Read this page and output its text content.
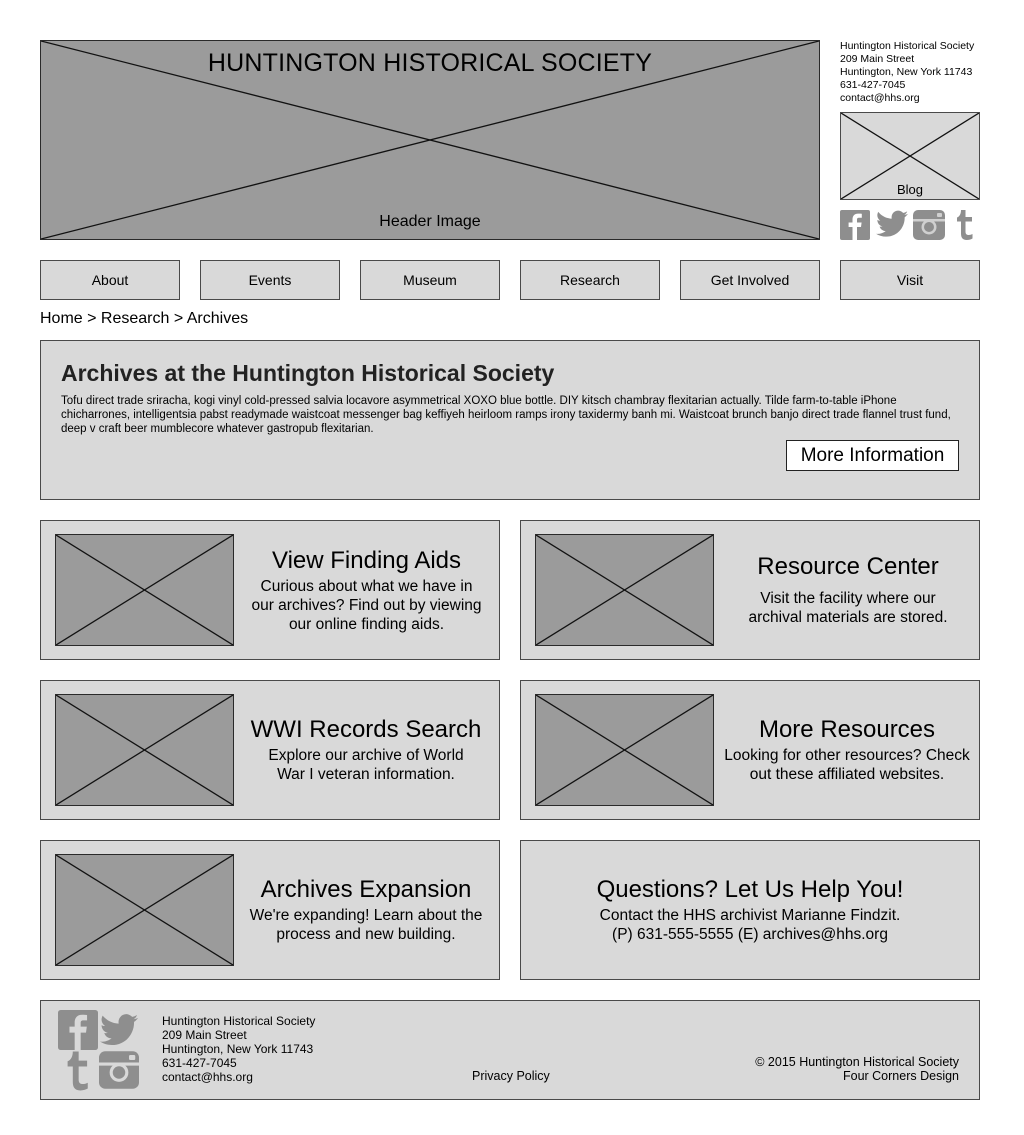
HUNTINGTON HISTORICAL SOCIETY
Header Image
Huntington Historical Society
209 Main Street
Huntington, New York 11743
631-427-7045
contact@hhs.org
Blog
About	Events	Museum	Research	Get Involved	Visit
Home > Research > Archives
Archives at the Huntington Historical Society
Tofu direct trade sriracha, kogi vinyl cold-pressed salvia locavore asymmetrical XOXO blue bottle. DIY kitsch chambray flexitarian actually. Tilde farm-to-table iPhone chicharrones, intelligentsia pabst readymade waistcoat messenger bag keffiyeh heirloom ramps irony taxidermy banh mi. Waistcoat brunch banjo direct trade flannel trust fund, deep v craft beer mumblecore whatever gastropub flexitarian.
More Information
View Finding Aids
Curious about what we have in our archives? Find out by viewing our online finding aids.
Resource Center
Visit the facility where our archival materials are stored.
WWI Records Search
Explore our archive of World War I veteran information.
More Resources
Looking for other resources? Check out these affiliated websites.
Archives Expansion
We're expanding! Learn about the process and new building.
Questions? Let Us Help You!
Contact the HHS archivist Marianne Findzit.
(P) 631-555-5555 (E) archives@hhs.org
Huntington Historical Society
209 Main Street
Huntington, New York 11743
631-427-7045
contact@hhs.org	Privacy Policy
© 2015 Huntington Historical Society
Four Corners Design
